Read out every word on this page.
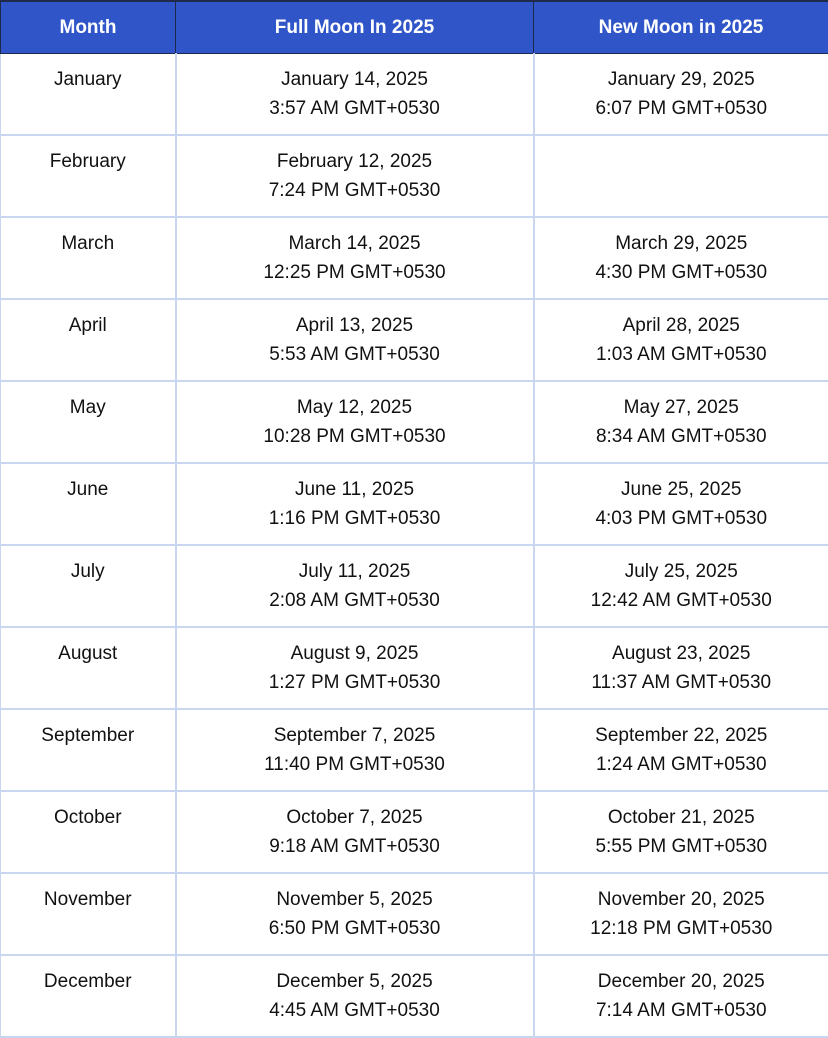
Month	Full Moon In 2025	New Moon in 2025

January	January 14, 2025
3:57 AM GMT+0530	January 29, 2025
6:07 PM GMT+0530

February	February 12, 2025
7:24 PM GMT+0530	

March	March 14, 2025
12:25 PM GMT+0530	March 29, 2025
4:30 PM GMT+0530

April	April 13, 2025
5:53 AM GMT+0530	April 28, 2025
1:03 AM GMT+0530

May	May 12, 2025
10:28 PM GMT+0530	May 27, 2025
8:34 AM GMT+0530

June	June 11, 2025
1:16 PM GMT+0530	June 25, 2025
4:03 PM GMT+0530

July	July 11, 2025
2:08 AM GMT+0530	July 25, 2025
12:42 AM GMT+0530

August	August 9, 2025
1:27 PM GMT+0530	August 23, 2025
11:37 AM GMT+0530

September	September 7, 2025
11:40 PM GMT+0530	September 22, 2025
1:24 AM GMT+0530

October	October 7, 2025
9:18 AM GMT+0530	October 21, 2025
5:55 PM GMT+0530

November	November 5, 2025
6:50 PM GMT+0530	November 20, 2025
12:18 PM GMT+0530

December	December 5, 2025
4:45 AM GMT+0530	December 20, 2025
7:14 AM GMT+0530
